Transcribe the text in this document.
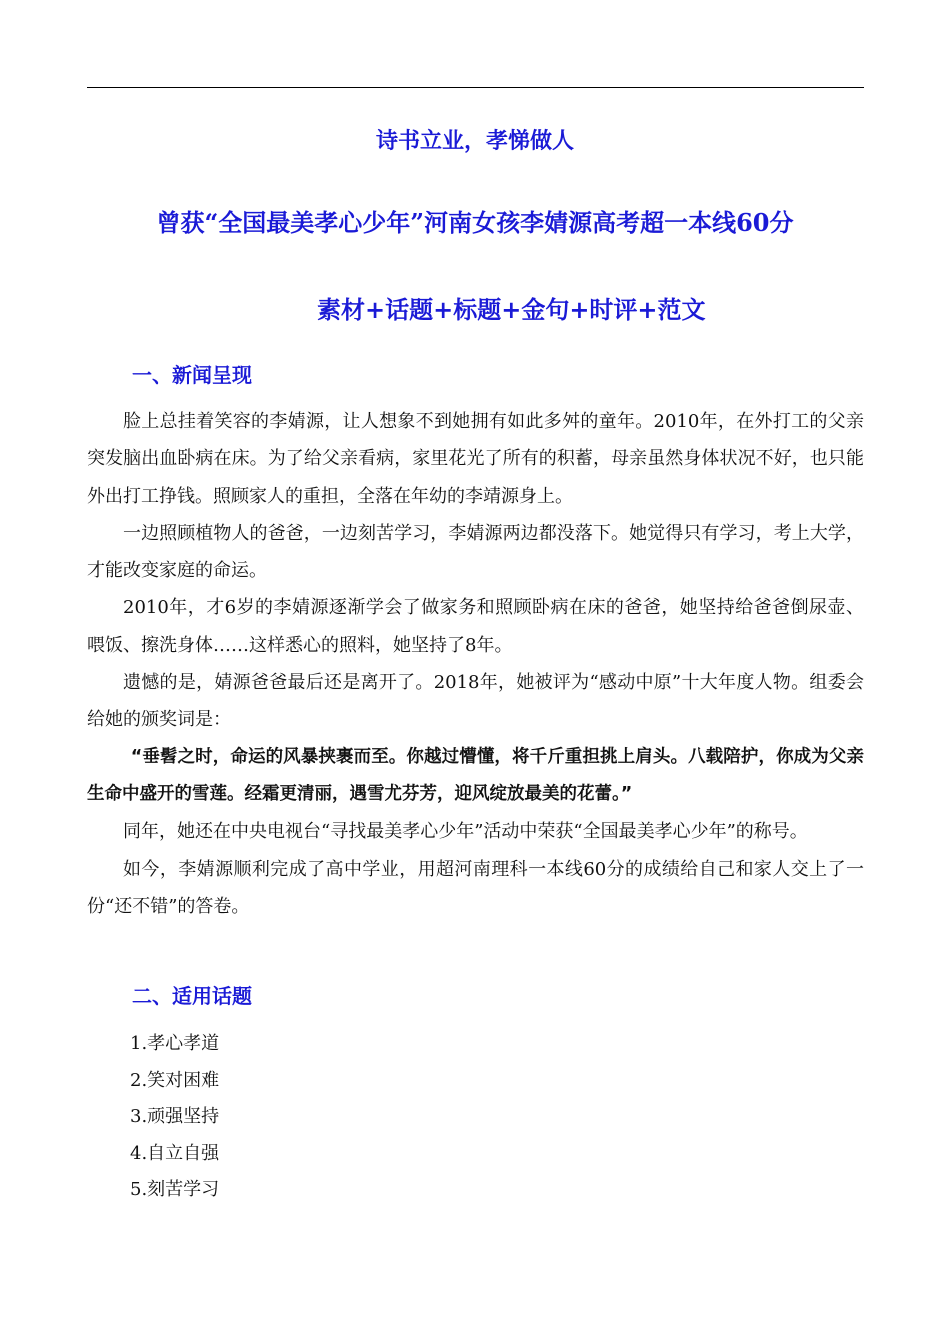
诗书立业，孝悌做人
曾获“全国最美孝心少年”河南女孩李婧源高考超一本线60分
素材+话题+标题+金句+时评+范文
一、新闻呈现

脸上总挂着笑容的李婧源，让人想象不到她拥有如此多舛的童年。2010年，在外打工的父亲突发脑出血卧病在床。为了给父亲看病，家里花光了所有的积蓄，母亲虽然身体状况不好，也只能外出打工挣钱。照顾家人的重担，全落在年幼的李靖源身上。

一边照顾植物人的爸爸，一边刻苦学习，李婧源两边都没落下。她觉得只有学习，考上大学，才能改变家庭的命运。

2010年，才6岁的李婧源逐渐学会了做家务和照顾卧病在床的爸爸，她坚持给爸爸倒尿壶、喂饭、擦洗身体……这样悉心的照料，她坚持了8年。

遗憾的是，婧源爸爸最后还是离开了。2018年，她被评为“感动中原”十大年度人物。组委会给她的颁奖词是：

“垂髫之时，命运的风暴挟裹而至。你越过懵懂，将千斤重担挑上肩头。八载陪护，你成为父亲生命中盛开的雪莲。经霜更清丽，遇雪尤芬芳，迎风绽放最美的花蕾。”

同年，她还在中央电视台“寻找最美孝心少年”活动中荣获“全国最美孝心少年”的称号。

如今，李婧源顺利完成了高中学业，用超河南理科一本线60分的成绩给自己和家人交上了一份“还不错”的答卷。

二、适用话题
1.孝心孝道
2.笑对困难
3.顽强坚持
4.自立自强
5.刻苦学习
